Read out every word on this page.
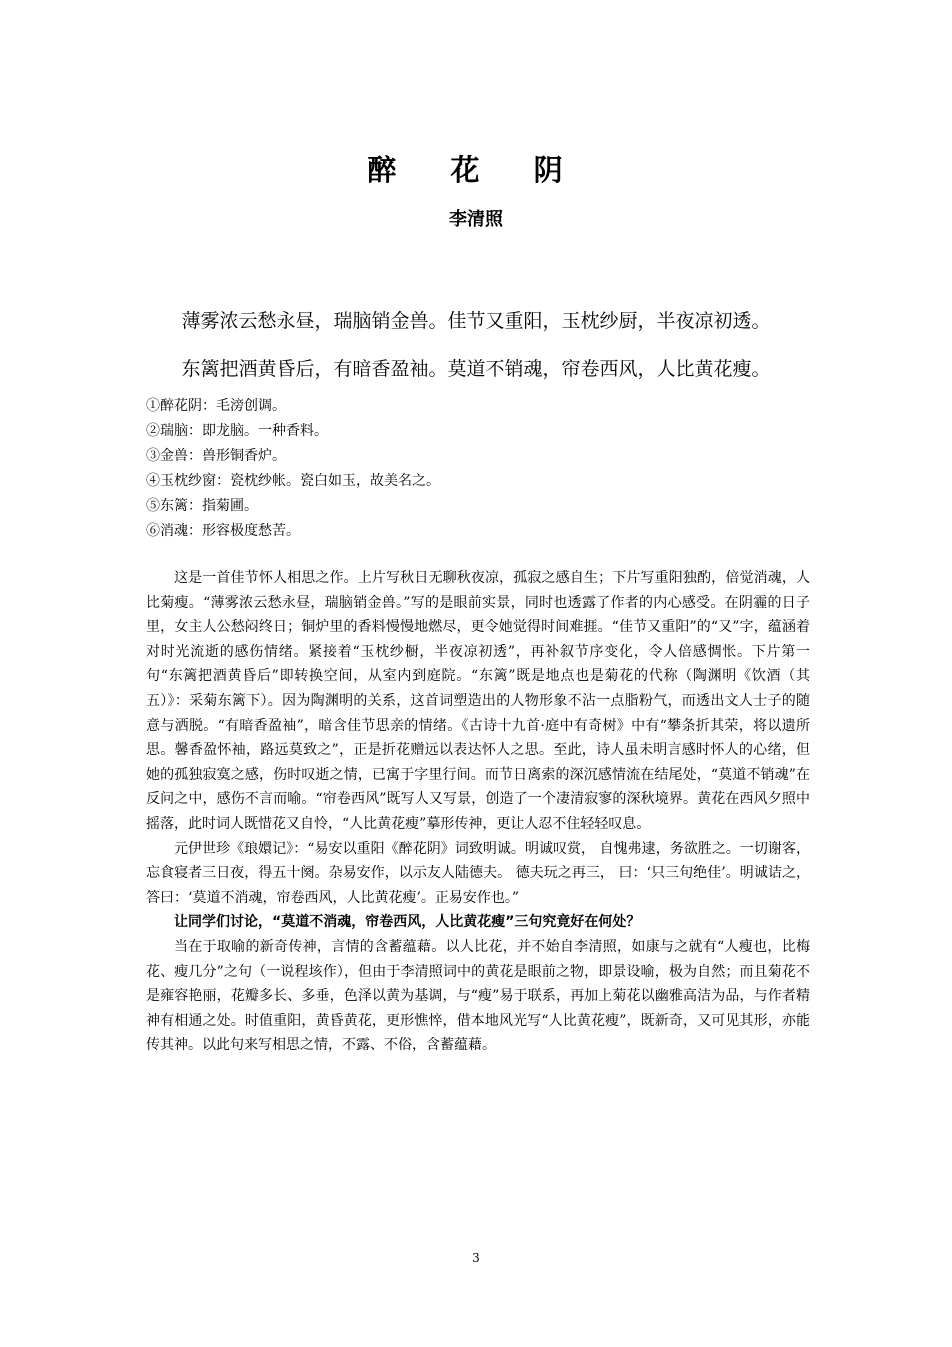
醉 花 阴
李清照
薄雾浓云愁永昼，瑞脑销金兽。佳节又重阳，玉枕纱厨，半夜凉初透。
东篱把酒黄昏后，有暗香盈袖。莫道不销魂，帘卷西风，人比黄花瘦。
①醉花阴：毛滂创调。
②瑞脑：即龙脑。一种香料。
③金兽：兽形铜香炉。
④玉枕纱窗：瓷枕纱帐。瓷白如玉，故美名之。
⑤东篱：指菊圃。
⑥消魂：形容极度愁苦。

这是一首佳节怀人相思之作。上片写秋日无聊秋夜凉，孤寂之感自生；下片写重阳独酌，倍觉消魂，人比菊瘦。“薄雾浓云愁永昼，瑞脑销金兽。”写的是眼前实景，同时也透露了作者的内心感受。在阴霾的日子里，女主人公愁闷终日；铜炉里的香料慢慢地燃尽，更令她觉得时间难捱。“佳节又重阳”的“又”字，蕴涵着对时光流逝的感伤情绪。紧接着“玉枕纱橱，半夜凉初透”，再补叙节序变化，令人倍感惆怅。下片第一句“东篱把酒黄昏后”即转换空间，从室内到庭院。“东篱”既是地点也是菊花的代称（陶渊明《饮酒（其五）》：采菊东篱下）。因为陶渊明的关系，这首词塑造出的人物形象不沾一点脂粉气，而透出文人士子的随意与洒脱。“有暗香盈袖”，暗含佳节思亲的情绪。《古诗十九首·庭中有奇树》中有“攀条折其荣，将以遗所思。馨香盈怀袖，路远莫致之”，正是折花赠远以表达怀人之思。至此，诗人虽未明言感时怀人的心绪，但她的孤独寂寞之感，伤时叹逝之情，已寓于字里行间。而节日离索的深沉感情流在结尾处，“莫道不销魂”在反问之中，感伤不言而喻。“帘卷西风”既写人又写景，创造了一个凄清寂寥的深秋境界。黄花在西风夕照中摇落，此时词人既惜花又自怜，“人比黄花瘦”摹形传神，更让人忍不住轻轻叹息。

元伊世珍《琅嬛记》：“易安以重阳《醉花阴》词致明诚。明诚叹赏， 自愧弗逮，务欲胜之。一切谢客，忘食寝者三日夜，得五十阕。杂易安作，以示友人陆德夫。 德夫玩之再三， 曰：‘只三句绝佳’。明诚诘之，答曰：‘莫道不消魂，帘卷西风，人比黄花瘦’。正易安作也。”

让同学们讨论，“莫道不消魂，帘卷西风，人比黄花瘦”三句究竟好在何处？

当在于取喻的新奇传神，言情的含蓄蕴藉。以人比花，并不始自李清照，如康与之就有“人瘦也，比梅花、瘦几分”之句（一说程垓作），但由于李清照词中的黄花是眼前之物，即景设喻，极为自然；而且菊花不是雍容艳丽，花瓣多长、多垂，色泽以黄为基调，与“瘦”易于联系，再加上菊花以幽雅高洁为品，与作者精神有相通之处。时值重阳，黄昏黄花，更形憔悴，借本地风光写“人比黄花瘦”，既新奇，又可见其形，亦能传其神。以此句来写相思之情，不露、不俗，含蓄蕴藉。

3
